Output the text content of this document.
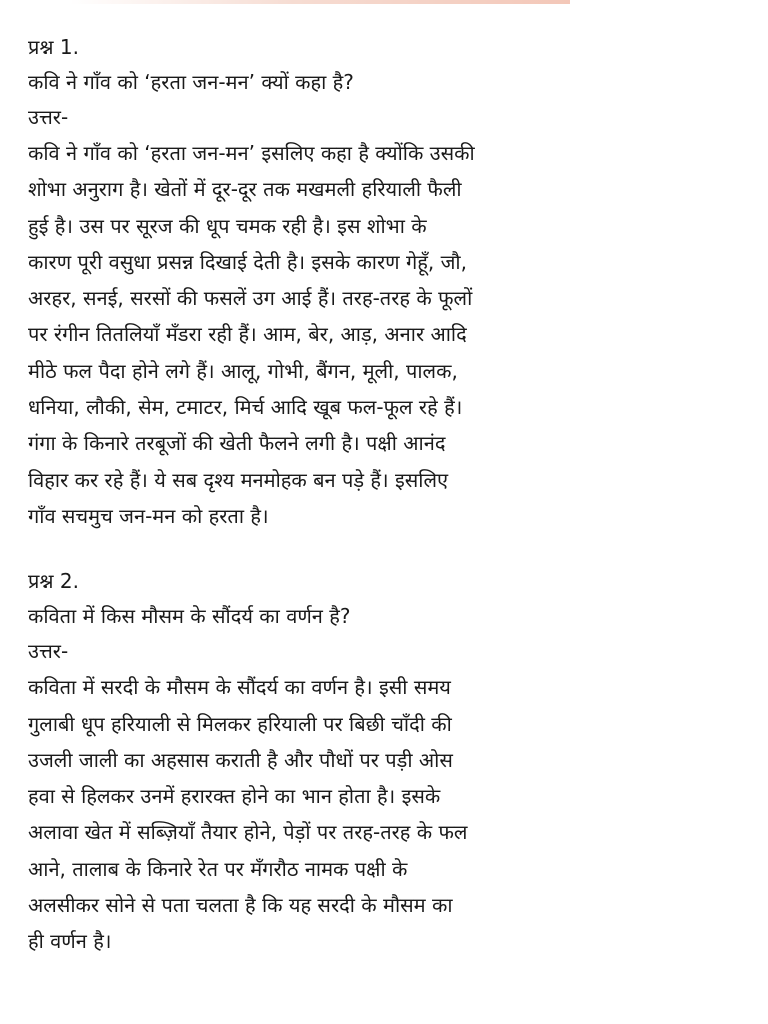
प्रश्न 1.

कवि ने गाँव को ‘हरता जन-मन’ क्यों कहा है?

उत्तर-

कवि ने गाँव को ‘हरता जन-मन’ इसलिए कहा है क्योंकि उसकी
शोभा अनुराग है। खेतों में दूर-दूर तक मखमली हरियाली फैली
हुई है। उस पर सूरज की धूप चमक रही है। इस शोभा के
कारण पूरी वसुधा प्रसन्न दिखाई देती है। इसके कारण गेहूँ, जौ,
अरहर, सनई, सरसों की फसलें उग आई हैं। तरह-तरह के फूलों
पर रंगीन तितलियाँ मँडरा रही हैं। आम, बेर, आड़, अनार आदि
मीठे फल पैदा होने लगे हैं। आलू, गोभी, बैंगन, मूली, पालक,
धनिया, लौकी, सेम, टमाटर, मिर्च आदि खूब फल-फूल रहे हैं।
गंगा के किनारे तरबूजों की खेती फैलने लगी है। पक्षी आनंद
विहार कर रहे हैं। ये सब दृश्य मनमोहक बन पड़े हैं। इसलिए
गाँव सचमुच जन-मन को हरता है।

प्रश्न 2.

कविता में किस मौसम के सौंदर्य का वर्णन है?

उत्तर-

कविता में सरदी के मौसम के सौंदर्य का वर्णन है। इसी समय
गुलाबी धूप हरियाली से मिलकर हरियाली पर बिछी चाँदी की
उजली जाली का अहसास कराती है और पौधों पर पड़ी ओस
हवा से हिलकर उनमें हरारक्त होने का भान होता है। इसके
अलावा खेत में सब्ज़ियाँ तैयार होने, पेड़ों पर तरह-तरह के फल
आने, तालाब के किनारे रेत पर मँगरौठ नामक पक्षी के
अलसीकर सोने से पता चलता है कि यह सरदी के मौसम का
ही वर्णन है।
